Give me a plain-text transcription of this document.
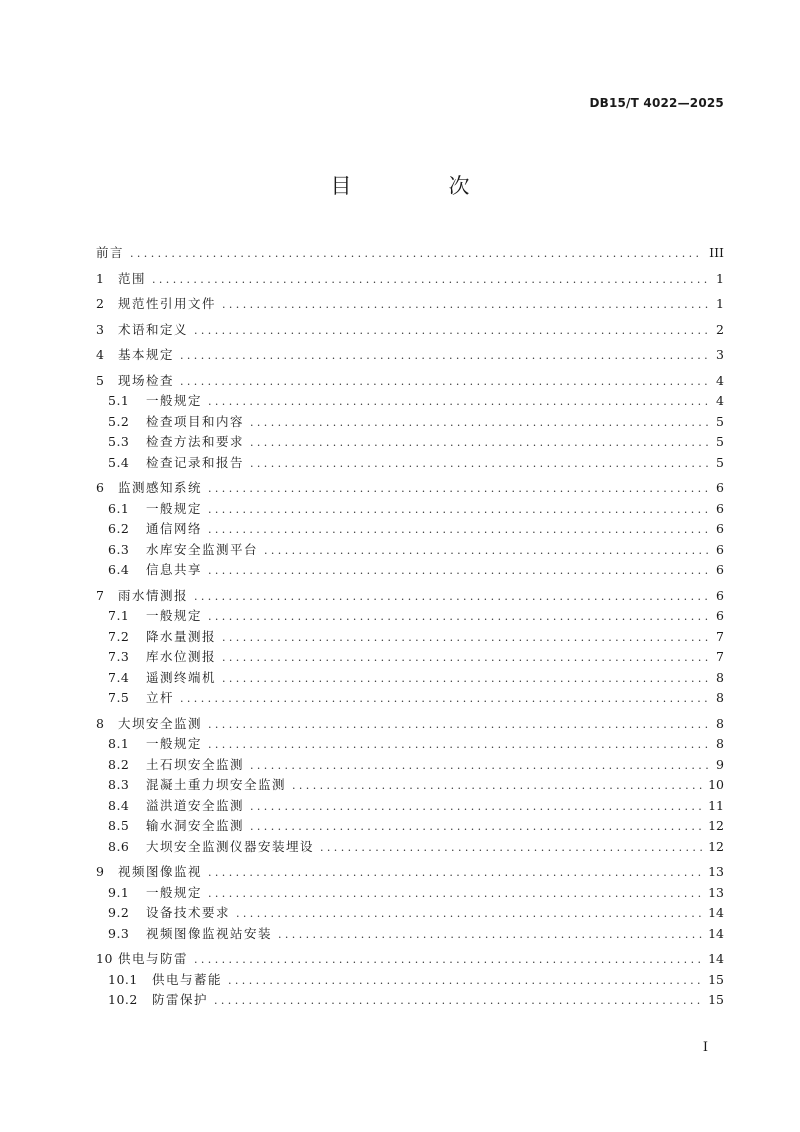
DB15/T 4022—2025
目　次
前言 .....	III
1	范围 .....	1
2	规范性引用文件 .....	1
3	术语和定义 .....	2
4	基本规定 .....	3
5	现场检查 .....	4
5.1	一般规定 .....	4
5.2	检查项目和内容 .....	5
5.3	检查方法和要求 .....	5
5.4	检查记录和报告 .....	5
6	监测感知系统 .....	6
6.1	一般规定 .....	6
6.2	通信网络 .....	6
6.3	水库安全监测平台 .....	6
6.4	信息共享 .....	6
7	雨水情测报 .....	6
7.1	一般规定 .....	6
7.2	降水量测报 .....	7
7.3	库水位测报 .....	7
7.4	遥测终端机 .....	8
7.5	立杆 .....	8
8	大坝安全监测 .....	8
8.1	一般规定 .....	8
8.2	土石坝安全监测 .....	9
8.3	混凝土重力坝安全监测 .....	10
8.4	溢洪道安全监测 .....	11
8.5	输水洞安全监测 .....	12
8.6	大坝安全监测仪器安装埋设 .....	12
9	视频图像监视 .....	13
9.1	一般规定 .....	13
9.2	设备技术要求 .....	14
9.3	视频图像监视站安装 .....	14
10 供电与防雷 .....	14
10.1	供电与蓄能 .....	15
10.2	防雷保护 .....	15
I
